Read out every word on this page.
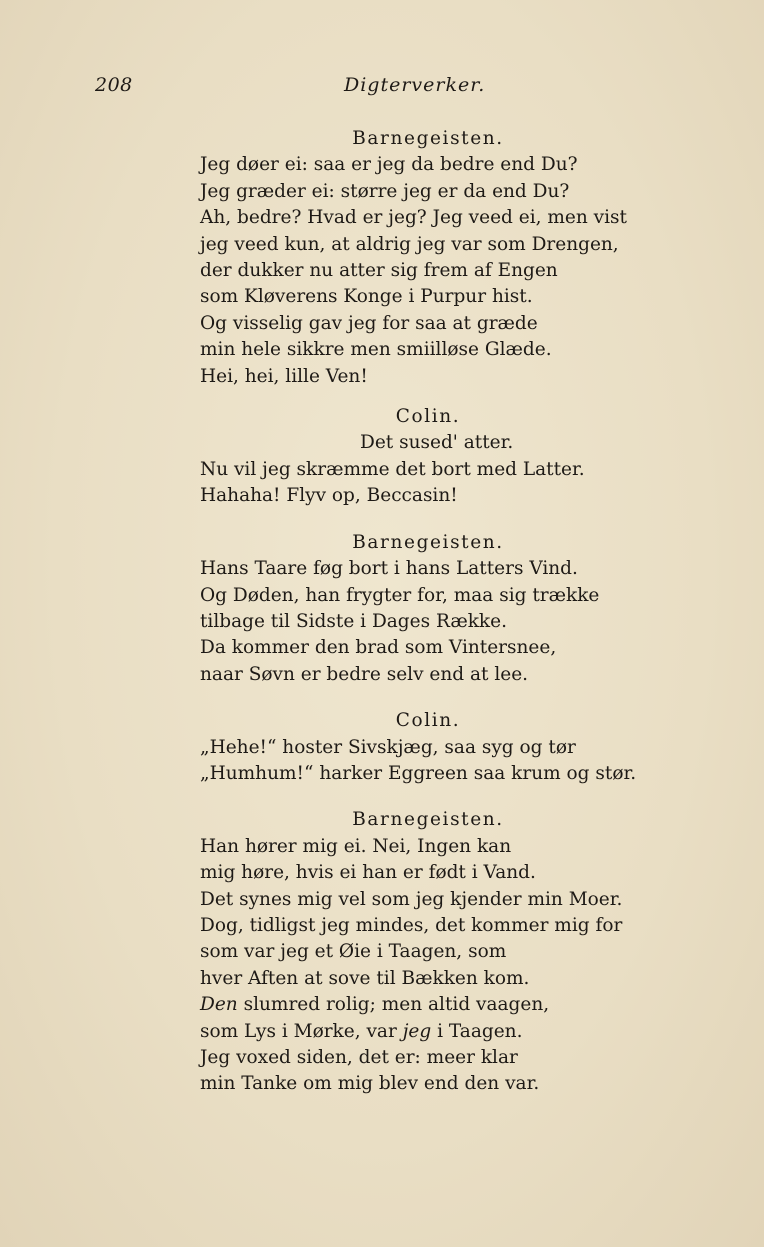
208	Digterverker.
Barnegeisten.
Jeg døer ei: saa er jeg da bedre end Du?
Jeg græder ei: større jeg er da end Du?
Ah, bedre? Hvad er jeg? Jeg veed ei, men vist
jeg veed kun, at aldrig jeg var som Drengen,
der dukker nu atter sig frem af Engen
som Kløverens Konge i Purpur hist.
Og visselig gav jeg for saa at græde
min hele sikkre men smiilløse Glæde.
Hei, hei, lille Ven!
Colin.
Det sused' atter.
Nu vil jeg skræmme det bort med Latter.
Hahaha! Flyv op, Beccasin!
Barnegeisten.
Hans Taare føg bort i hans Latters Vind.
Og Døden, han frygter for, maa sig trække
tilbage til Sidste i Dages Række.
Da kommer den brad som Vintersnee,
naar Søvn er bedre selv end at lee.
Colin.
„Hehe!“ hoster Sivskjæg, saa syg og tør
„Humhum!“ harker Eggreen saa krum og stør.
Barnegeisten.
Han hører mig ei. Nei, Ingen kan
mig høre, hvis ei han er født i Vand.
Det synes mig vel som jeg kjender min Moer.
Dog, tidligst jeg mindes, det kommer mig for
som var jeg et Øie i Taagen, som
hver Aften at sove til Bækken kom.
Den slumred rolig; men altid vaagen,
som Lys i Mørke, var jeg i Taagen.
Jeg voxed siden, det er: meer klar
min Tanke om mig blev end den var.
